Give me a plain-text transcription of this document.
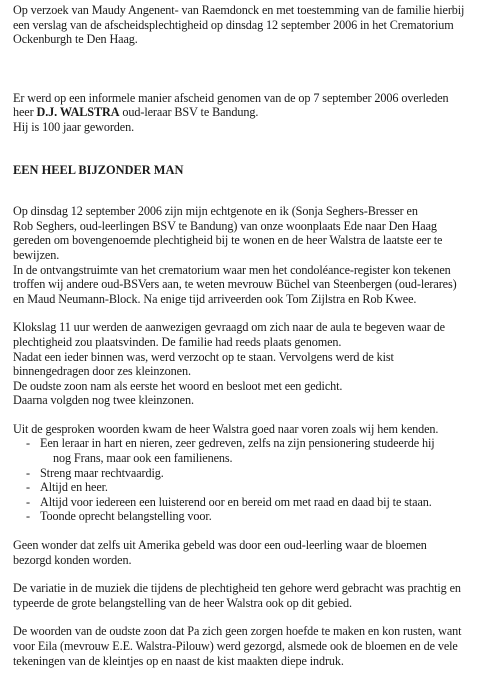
Op verzoek van Maudy Angenent- van Raemdonck en met toestemming van de familie hierbij
een verslag van de afscheidsplechtigheid op dinsdag 12 september 2006 in het Crematorium
Ockenburgh te Den Haag.
Er werd op een informele manier afscheid genomen van de op 7 september 2006 overleden
heer D.J. WALSTRA oud-leraar BSV te Bandung.
Hij is 100 jaar geworden.
EEN HEEL BIJZONDER MAN
Op dinsdag 12 september 2006 zijn mijn echtgenote en ik (Sonja Seghers-Bresser en
Rob Seghers, oud-leerlingen BSV te Bandung) van onze woonplaats Ede naar Den Haag
gereden om bovengenoemde plechtigheid bij te wonen en de heer Walstra de laatste eer te
bewijzen.
In de ontvangstruimte van het crematorium waar men het condoléance-register kon tekenen
troffen wij andere oud-BSVers aan, te weten mevrouw Büchel van Steenbergen (oud-lerares)
en Maud Neumann-Block. Na enige tijd arriveerden ook Tom Zijlstra en Rob Kwee.
Klokslag 11 uur werden de aanwezigen gevraagd om zich naar de aula te begeven waar de
plechtigheid zou plaatsvinden. De familie had reeds plaats genomen.
Nadat een ieder binnen was, werd verzocht op te staan. Vervolgens werd de kist
binnengedragen door zes kleinzonen.
De oudste zoon nam als eerste het woord en besloot met een gedicht.
Daarna volgden nog twee kleinzonen.
Uit de gesproken woorden kwam de heer Walstra goed naar voren zoals wij hem kenden.
- Een leraar in hart en nieren, zeer gedreven, zelfs na zijn pensionering studeerde hij
nog Frans, maar ook een familienens.
- Streng maar rechtvaardig.
- Altijd en heer.
- Altijd voor iedereen een luisterend oor en bereid om met raad en daad bij te staan.
- Toonde oprecht belangstelling voor.
Geen wonder dat zelfs uit Amerika gebeld was door een oud-leerling waar de bloemen
bezorgd konden worden.
De variatie in de muziek die tijdens de plechtigheid ten gehore werd gebracht was prachtig en
typeerde de grote belangstelling van de heer Walstra ook op dit gebied.
De woorden van de oudste zoon dat Pa zich geen zorgen hoefde te maken en kon rusten, want
voor Eila (mevrouw E.E. Walstra-Pilouw) werd gezorgd, alsmede ook de bloemen en de vele
tekeningen van de kleintjes op en naast de kist maakten diepe indruk.
